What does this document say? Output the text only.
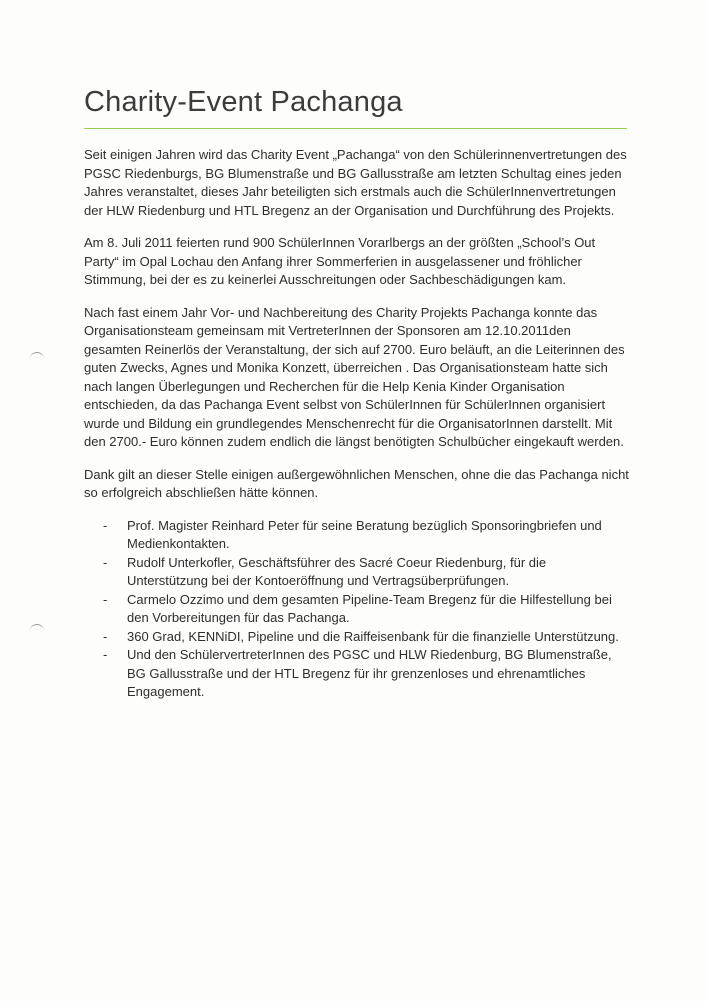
Charity-Event Pachanga

Seit einigen Jahren wird das Charity Event „Pachanga“ von den Schülerinnenvertretungen des PGSC Riedenburgs, BG Blumenstraße und BG Gallusstraße am letzten Schultag eines jeden Jahres veranstaltet, dieses Jahr beteiligten sich erstmals auch die SchülerInnenvertretungen der HLW Riedenburg und HTL Bregenz an der Organisation und Durchführung des Projekts.

Am 8. Juli 2011 feierten rund 900 SchülerInnen Vorarlbergs an der größten „School’s Out Party“ im Opal Lochau den Anfang ihrer Sommerferien in ausgelassener und fröhlicher Stimmung, bei der es zu keinerlei Ausschreitungen oder Sachbeschädigungen kam.

Nach fast einem Jahr Vor- und Nachbereitung des Charity Projekts Pachanga konnte das Organisationsteam gemeinsam mit VertreterInnen der Sponsoren am 12.10.2011den gesamten Reinerlös der Veranstaltung, der sich auf 2700. Euro beläuft, an die Leiterinnen des guten Zwecks, Agnes und Monika Konzett, überreichen . Das Organisationsteam hatte sich nach langen Überlegungen und Recherchen für die Help Kenia Kinder Organisation entschieden, da das Pachanga Event selbst von SchülerInnen für SchülerInnen organisiert wurde und Bildung ein grundlegendes Menschenrecht für die OrganisatorInnen darstellt. Mit den 2700.- Euro können zudem endlich die längst benötigten Schulbücher eingekauft werden.

Dank gilt an dieser Stelle einigen außergewöhnlichen Menschen, ohne die das Pachanga nicht so erfolgreich abschließen hätte können.

- Prof. Magister Reinhard Peter für seine Beratung bezüglich Sponsoringbriefen und Medienkontakten.
- Rudolf Unterkofler, Geschäftsführer des Sacré Coeur Riedenburg, für die Unterstützung bei der Kontoeröffnung und Vertragsüberprüfungen.
- Carmelo Ozzimo und dem gesamten Pipeline-Team Bregenz für die Hilfestellung bei den Vorbereitungen für das Pachanga.
- 360 Grad, KENNiDI, Pipeline und die Raiffeisenbank für die finanzielle Unterstützung.
- Und den SchülervertreterInnen des PGSC und HLW Riedenburg, BG Blumenstraße, BG Gallusstraße und der HTL Bregenz für ihr grenzenloses und ehrenamtliches Engagement.
